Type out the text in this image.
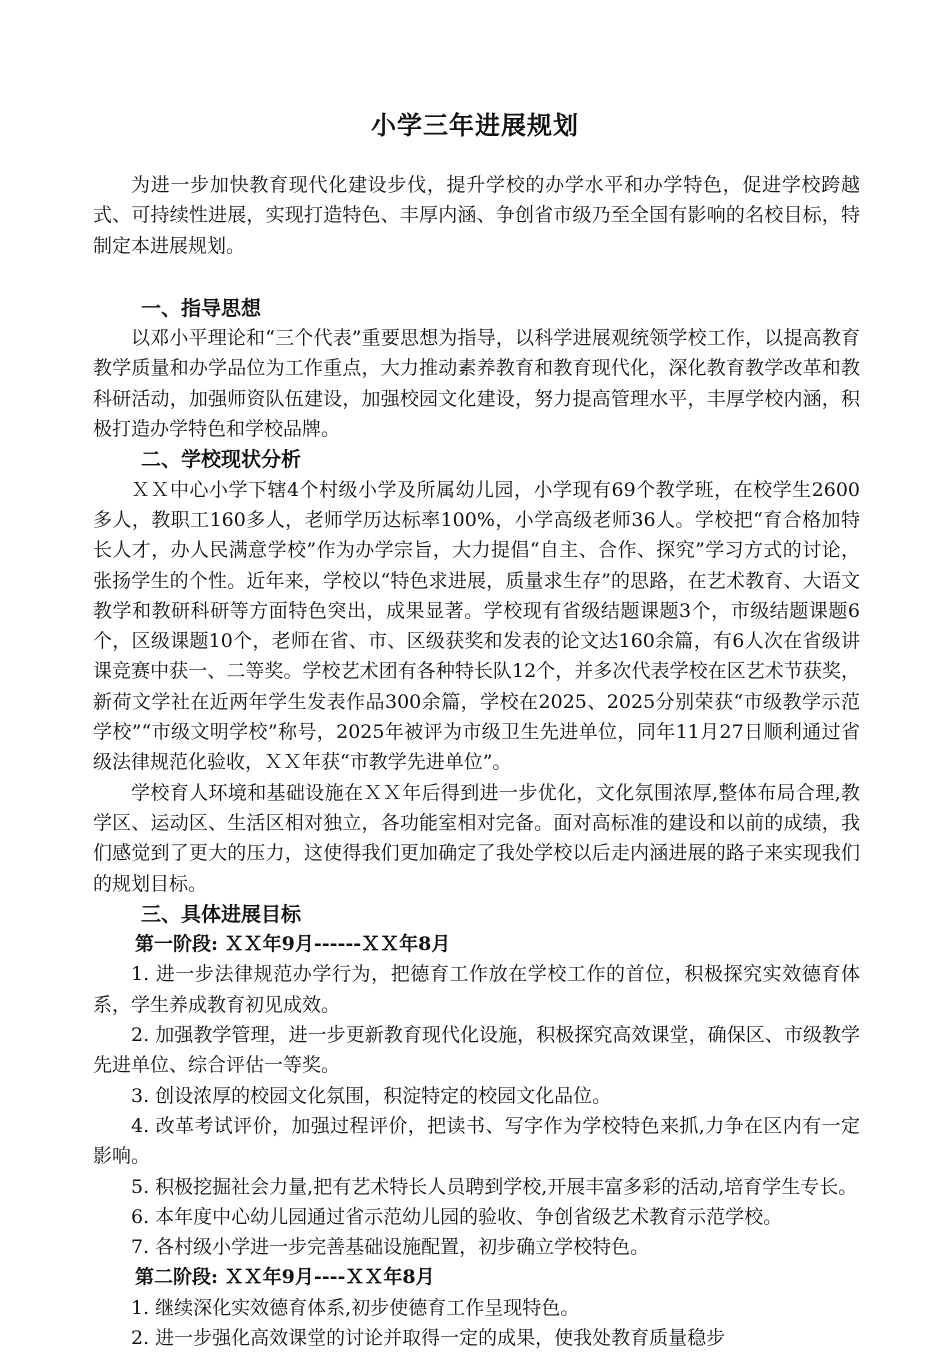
小学三年进展规划

为进一步加快教育现代化建设步伐，提升学校的办学水平和办学特色，促进学校跨越式、可持续性进展，实现打造特色、丰厚内涵、争创省市级乃至全国有影响的名校目标，特制定本进展规划。

一、指导思想

以邓小平理论和“三个代表”重要思想为指导，以科学进展观统领学校工作，以提高教育教学质量和办学品位为工作重点，大力推动素养教育和教育现代化，深化教育教学改革和教科研活动，加强师资队伍建设，加强校园文化建设，努力提高管理水平，丰厚学校内涵，积极打造办学特色和学校品牌。

二、学校现状分析

ＸＸ中心小学下辖4个村级小学及所属幼儿园，小学现有69个教学班，在校学生2600多人，教职工160多人，老师学历达标率100%，小学高级老师36人。学校把“育合格加特长人才，办人民满意学校”作为办学宗旨，大力提倡“自主、合作、探究”学习方式的讨论，张扬学生的个性。近年来，学校以“特色求进展，质量求生存”的思路，在艺术教育、大语文教学和教研科研等方面特色突出，成果显著。学校现有省级结题课题3个，市级结题课题6个，区级课题10个，老师在省、市、区级获奖和发表的论文达160余篇，有6人次在省级讲课竞赛中获一、二等奖。学校艺术团有各种特长队12个，并多次代表学校在区艺术节获奖，新荷文学社在近两年学生发表作品300余篇，学校在2025、2025分别荣获“市级教学示范学校”“市级文明学校”称号，2025年被评为市级卫生先进单位，同年11月27日顺利通过省级法律规范化验收，ＸＸ年获“市教学先进单位”。

学校育人环境和基础设施在ＸＸ年后得到进一步优化，文化氛围浓厚,整体布局合理,教学区、运动区、生活区相对独立，各功能室相对完备。面对高标准的建设和以前的成绩，我们感觉到了更大的压力，这使得我们更加确定了我处学校以后走内涵进展的路子来实现我们的规划目标。

三、具体进展目标
第一阶段: ＸＸ年9月------ＸＸ年8月

1. 进一步法律规范办学行为，把德育工作放在学校工作的首位，积极探究实效德育体系，学生养成教育初见成效。

2. 加强教学管理，进一步更新教育现代化设施，积极探究高效课堂，确保区、市级教学先进单位、综合评估一等奖。

3. 创设浓厚的校园文化氛围，积淀特定的校园文化品位。

4. 改革考试评价，加强过程评价，把读书、写字作为学校特色来抓,力争在区内有一定影响。

5. 积极挖掘社会力量,把有艺术特长人员聘到学校,开展丰富多彩的活动,培育学生专长。

6. 本年度中心幼儿园通过省示范幼儿园的验收、争创省级艺术教育示范学校。

7. 各村级小学进一步完善基础设施配置，初步确立学校特色。

第二阶段: ＸＸ年9月----ＸＸ年8月

1. 继续深化实效德育体系,初步使德育工作呈现特色。

2. 进一步强化高效课堂的讨论并取得一定的成果，使我处教育质量稳步
